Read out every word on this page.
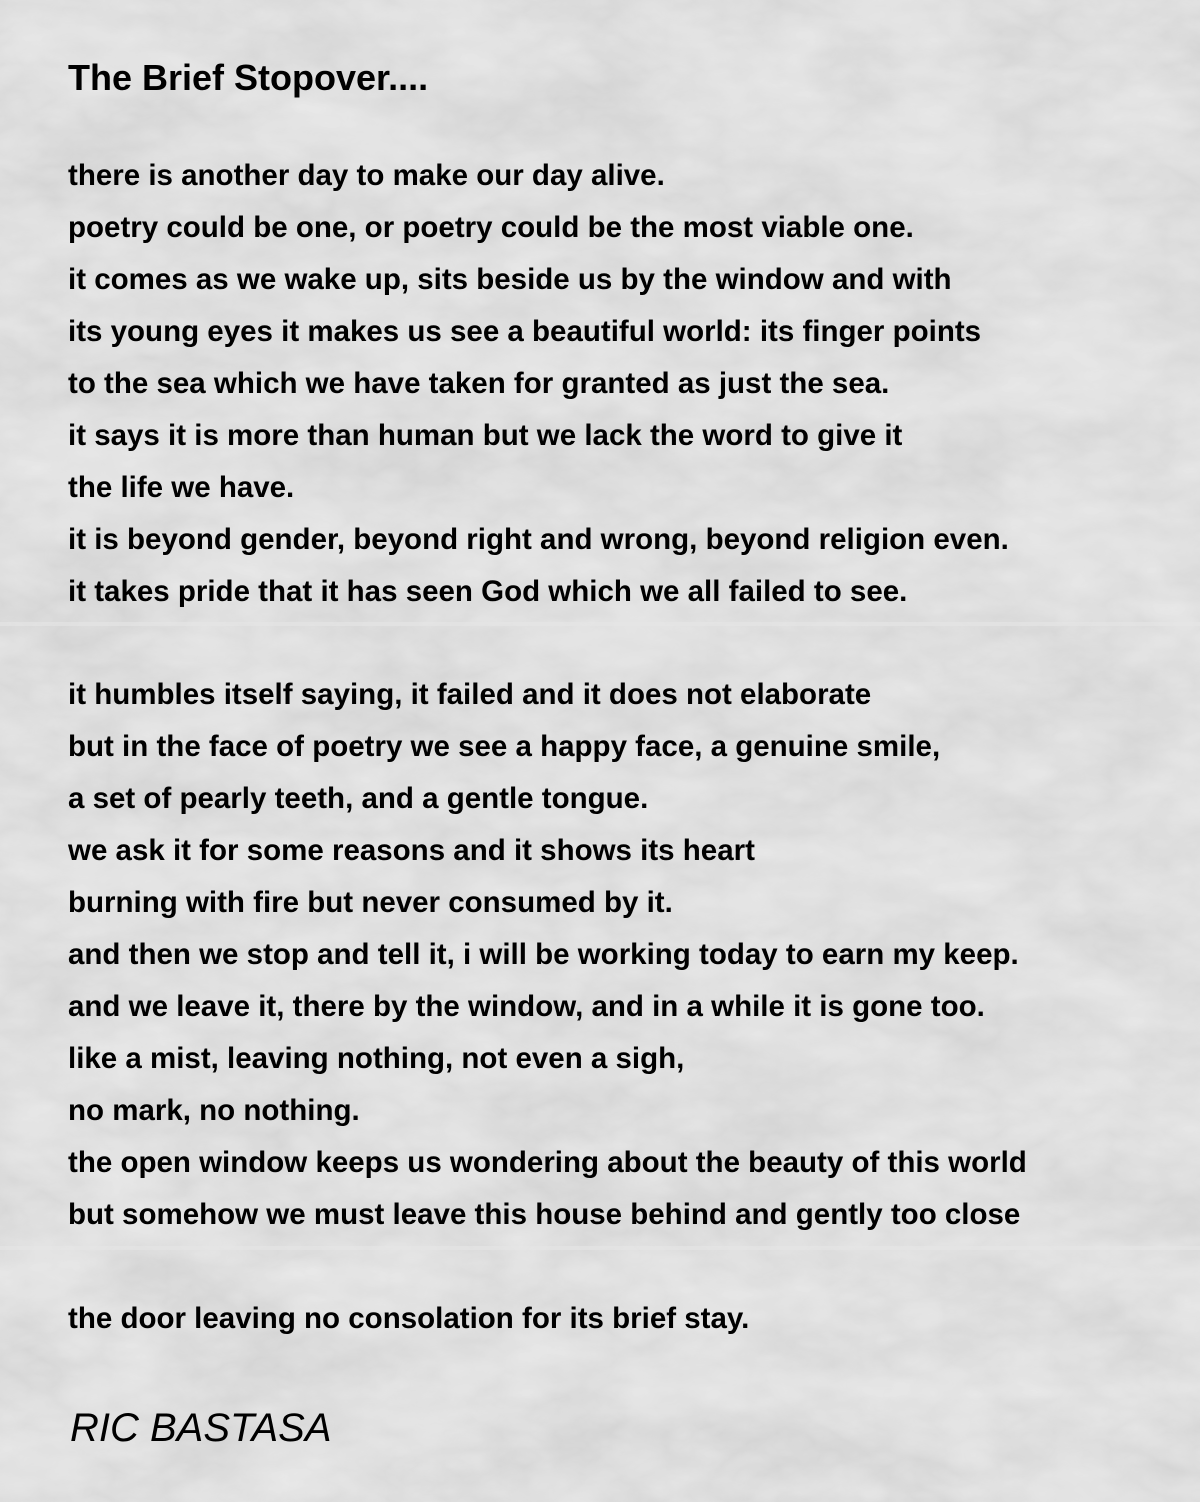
The Brief Stopover....
there is another day to make our day alive.
poetry could be one, or poetry could be the most viable one.
it comes as we wake up, sits beside us by the window and with
its young eyes it makes us see a beautiful world: its finger points
to the sea which we have taken for granted as just the sea.
it says it is more than human but we lack the word to give it
the life we have.
it is beyond gender, beyond right and wrong, beyond religion even.
it takes pride that it has seen God which we all failed to see.
it humbles itself saying, it failed and it does not elaborate
but in the face of poetry we see a happy face, a genuine smile,
a set of pearly teeth, and a gentle tongue.
we ask it for some reasons and it shows its heart
burning with fire but never consumed by it.
and then we stop and tell it, i will be working today to earn my keep.
and we leave it, there by the window, and in a while it is gone too.
like a mist, leaving nothing, not even a sigh,
no mark, no nothing.
the open window keeps us wondering about the beauty of this world
but somehow we must leave this house behind and gently too close
the door leaving no consolation for its brief stay.

RIC BASTASA
